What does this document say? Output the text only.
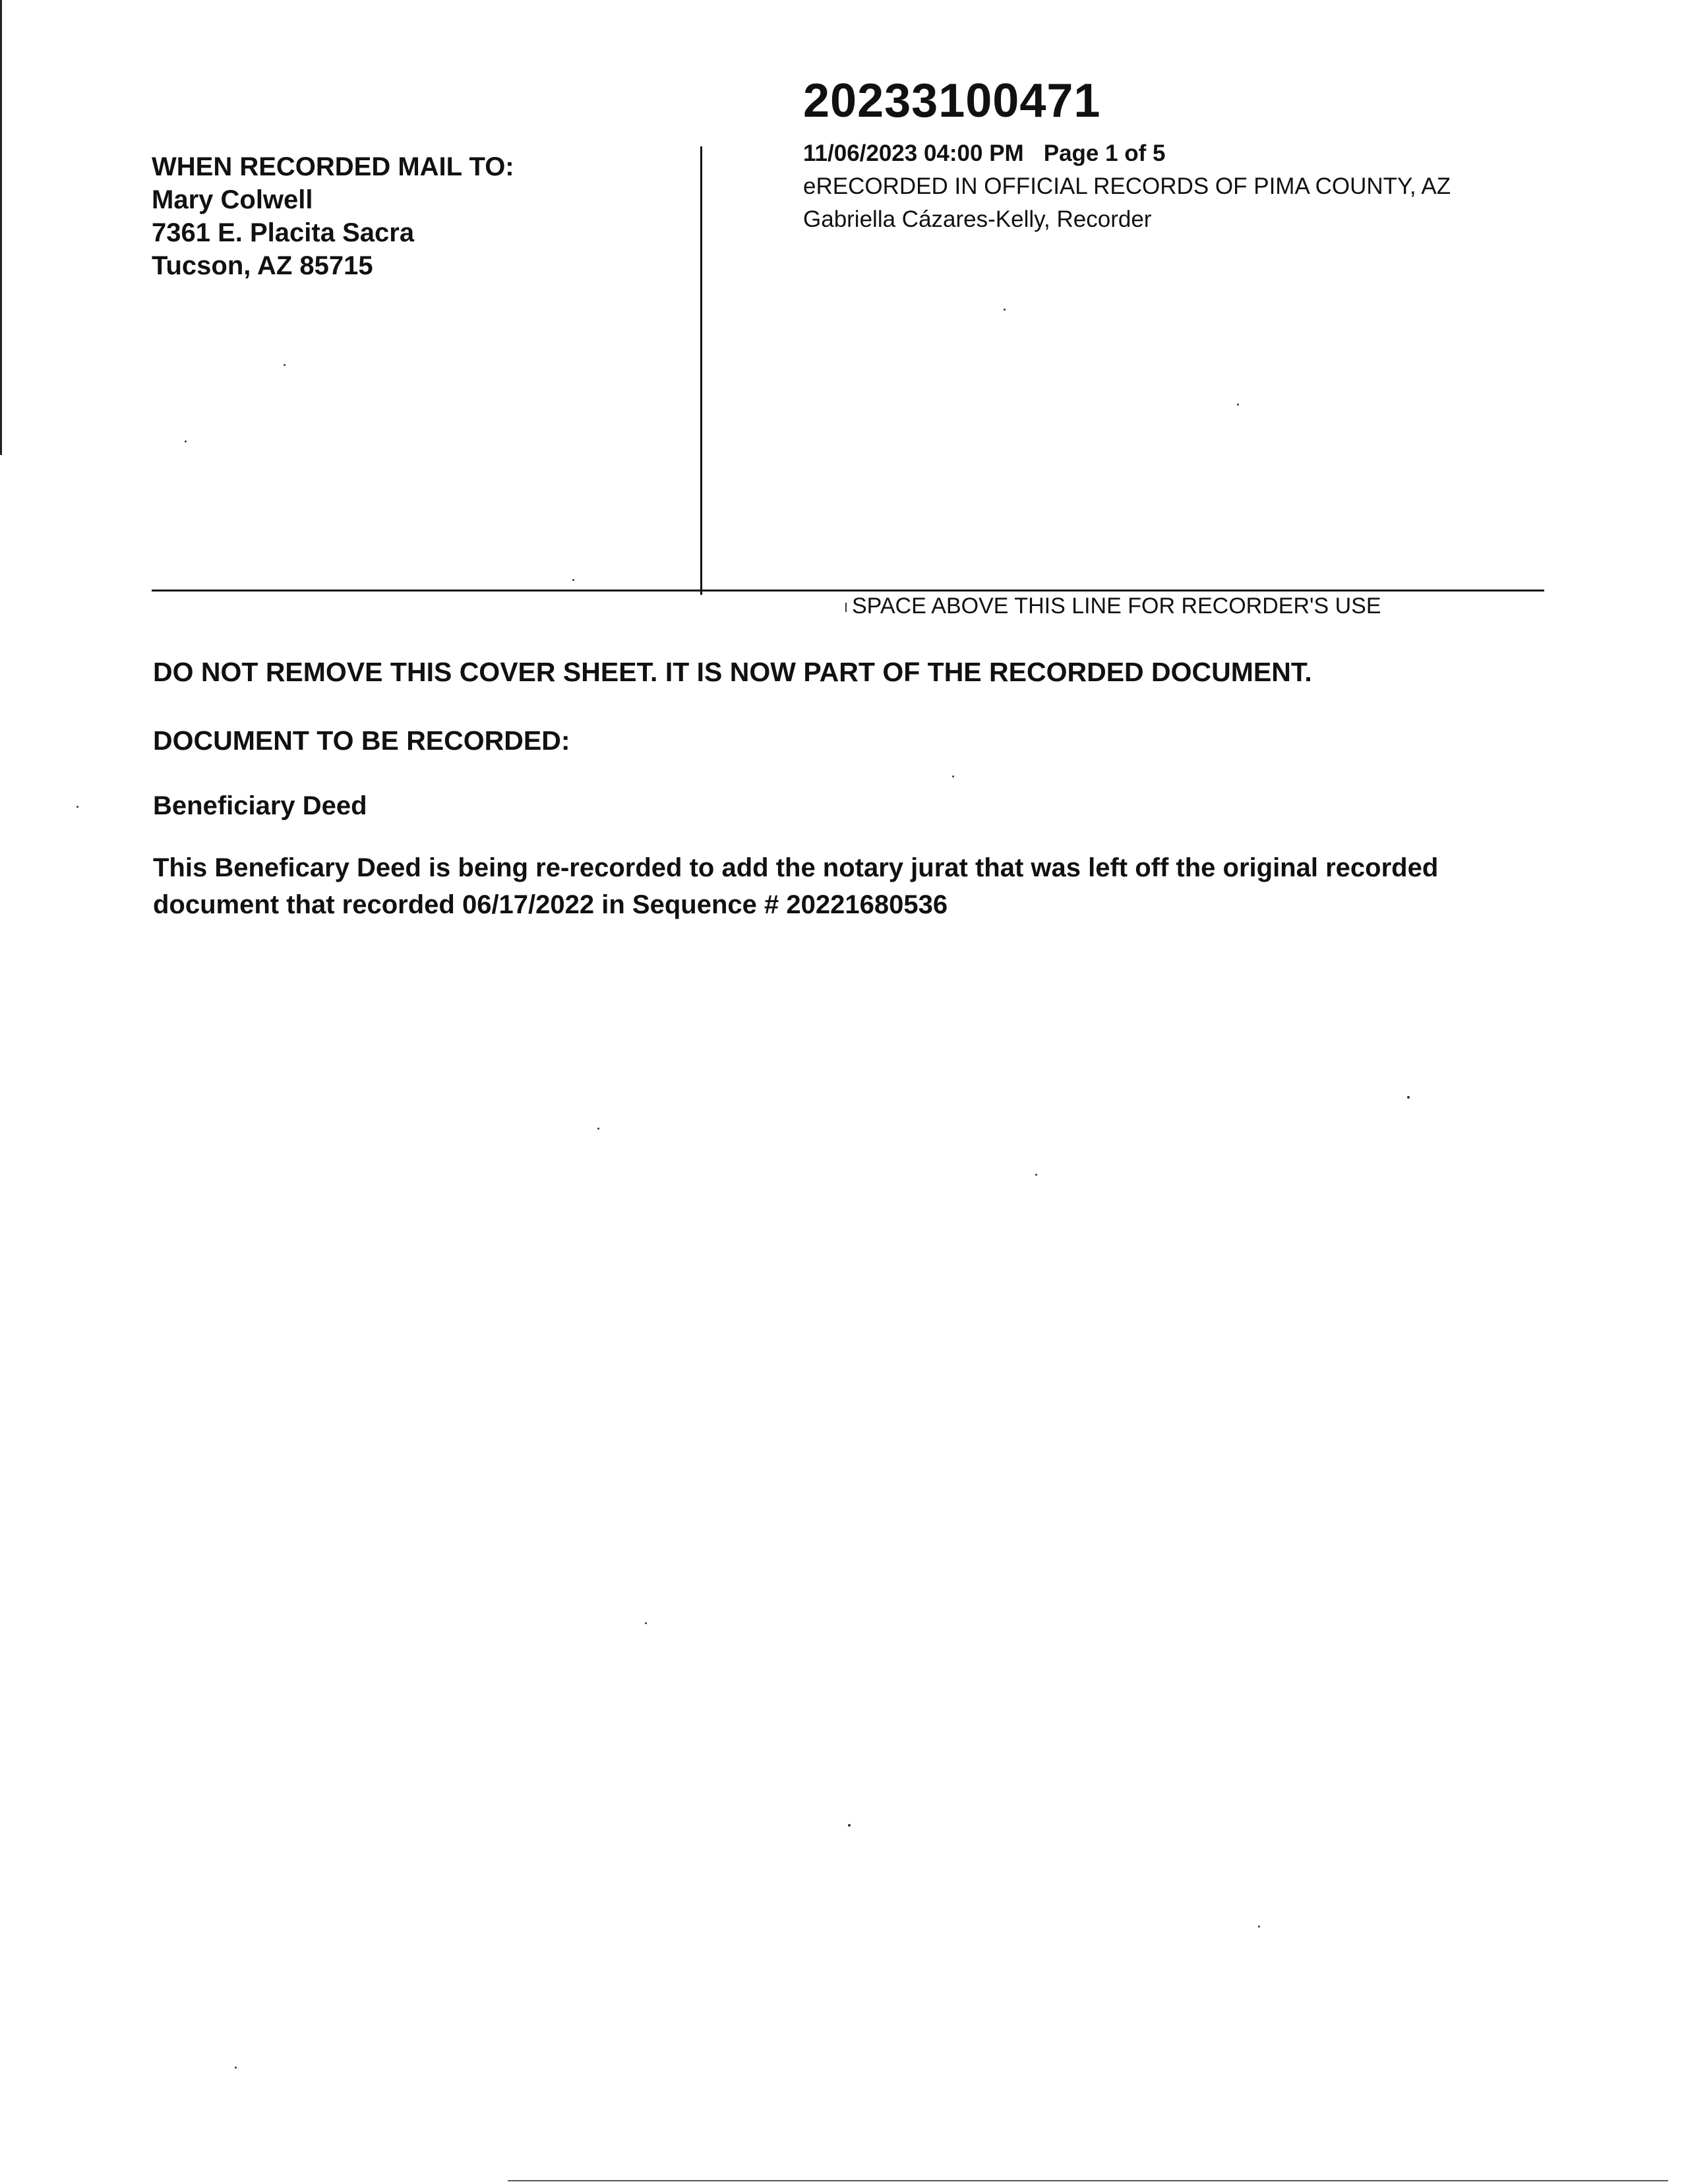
20233100471
11/06/2023 04:00 PM Page 1 of 5
eRECORDED IN OFFICIAL RECORDS OF PIMA COUNTY, AZ
Gabriella Cázares-Kelly, Recorder
WHEN RECORDED MAIL TO:
Mary Colwell
7361 E. Placita Sacra
Tucson, AZ 85715
SPACE ABOVE THIS LINE FOR RECORDER'S USE
DO NOT REMOVE THIS COVER SHEET. IT IS NOW PART OF THE RECORDED DOCUMENT.
DOCUMENT TO BE RECORDED:
Beneficiary Deed
This Beneficary Deed is being re-recorded to add the notary jurat that was left off the original recorded
document that recorded 06/17/2022 in Sequence # 20221680536
